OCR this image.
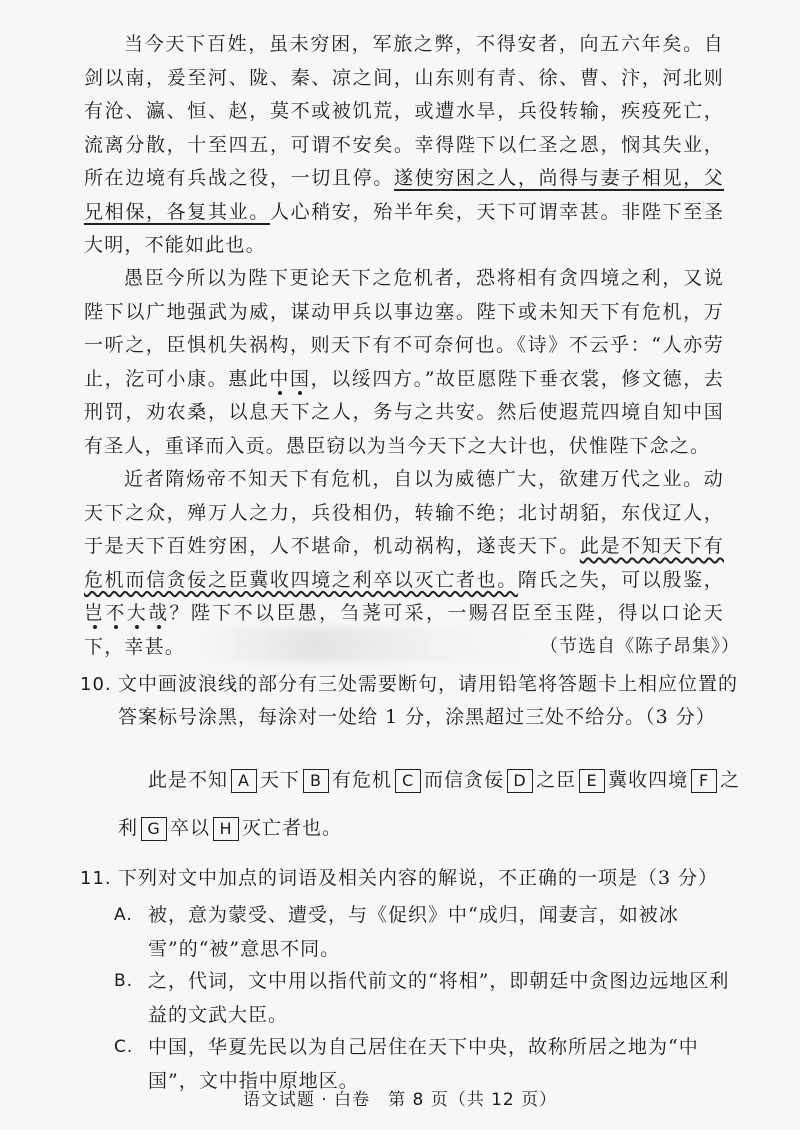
当今天下百姓，虽未穷困，军旅之弊，不得安者，向五六年矣。自剑以南，爰至河、陇、秦、凉之间，山东则有青、徐、曹、汴，河北则有沧、瀛、恒、赵，莫不或被饥荒，或遭水旱，兵役转输，疾疫死亡，流离分散，十至四五，可谓不安矣。幸得陛下以仁圣之恩，悯其失业，所在边境有兵战之役，一切且停。遂使穷困之人，尚得与妻子相见，父兄相保，各复其业。人心稍安，殆半年矣，天下可谓幸甚。非陛下至圣大明，不能如此也。
愚臣今所以为陛下更论天下之危机者，恐将相有贪四境之利，又说陛下以广地强武为威，谋动甲兵以事边塞。陛下或未知天下有危机，万一听之，臣惧机失祸构，则天下有不可奈何也。《诗》不云乎：“人亦劳止，汔可小康。惠此中国，以绥四方。”故臣愿陛下垂衣裳，修文德，去刑罚，劝农桑，以息天下之人，务与之共安。然后使遐荒四境自知中国有圣人，重译而入贡。愚臣窃以为当今天下之大计也，伏惟陛下念之。
近者隋炀帝不知天下有危机，自以为威德广大，欲建万代之业。动天下之众，殚万人之力，兵役相仍，转输不绝；北讨胡貊，东伐辽人，于是天下百姓穷困，人不堪命，机动祸构，遂丧天下。此是不知天下有危机而信贪佞之臣冀收四境之利卒以灭亡者也。隋氏之失，可以殷鉴，岂不大哉？陛下不以臣愚，刍荛可采，一赐召臣至玉陛，得以口论天下，幸甚。	（节选自《陈子昂集》）
10. 文中画波浪线的部分有三处需要断句，请用铅笔将答题卡上相应位置的答案标号涂黑，每涂对一处给 1 分，涂黑超过三处不给分。（3 分）
此是不知 A 天下 B 有危机 C 而信贪佞 D 之臣 E 冀收四境 F 之
利 G 卒以 H 灭亡者也。
11. 下列对文中加点的词语及相关内容的解说，不正确的一项是（3 分）
A. 被，意为蒙受、遭受，与《促织》中“成归，闻妻言，如被冰雪”的“被”意思不同。
B. 之，代词，文中用以指代前文的“将相”，即朝廷中贪图边远地区利益的文武大臣。
C. 中国，华夏先民以为自己居住在天下中央，故称所居之地为“中国”，文中指中原地区。
语文试题 · 白卷　第 8 页（共 12 页）
